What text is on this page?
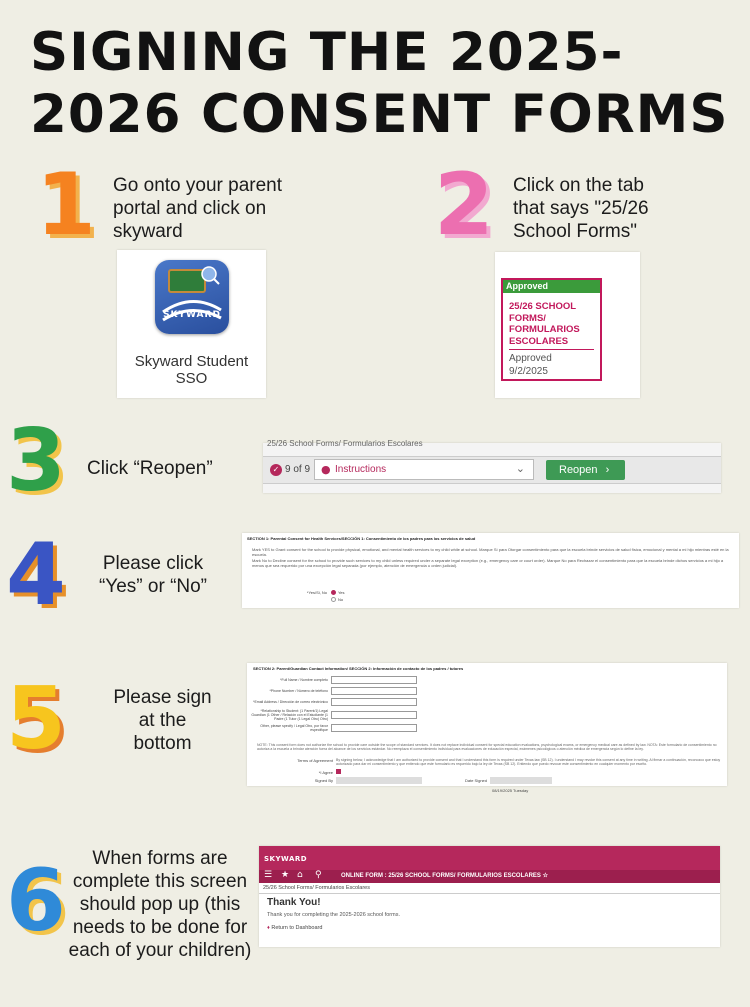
SIGNING THE 2025-2026 CONSENT FORMS
1 Go onto your parent portal and click on skyward
SKYWARD
Skyward Student SSO
2 Click on the tab that says "25/26 School Forms"
Approved
25/26 SCHOOL FORMS/ FORMULARIOS ESCOLARES
Approved
9/2/2025
3 Click “Reopen”
25/26 School Forms/ Formularios Escolares
✓ 9 of 9 ● Instructions	⌄	Reopen ›
4	Please click “Yes” or “No”
SECTION 1: Parental Consent for Health Services/SECCIÓN 1: Consentimiento de los padres para los servicios de salud
Mark YES to Grant consent for the school to provide physical, emotional, and mental health services to my child while at school. Marque Sí para Otorgar consentimiento para que la escuela brinde servicios de salud física, emocional y mental a mi hijo mientras esté en la escuela.
Mark No to Decline consent for the school to provide such services to my child unless required under a separate legal exception (e.g., emergency care or court order). Marque No para Rechazar el consentimiento para que la escuela brinde dichos servicios a mi hijo a menos que sea requerido por una excepción legal separada (por ejemplo, atención de emergencia u orden judicial).
*Yes/Si, No	Yes
No
5	Please sign at the bottom
SECTION 2: Parent/Guardian Contact Information/ SECCIÓN 2: Información de contacto de los padres / tutores
*Full Name / Nombre completo
*Phone Number / Número de teléfono
*Email Address / Dirección de correo electrónico
*Relationship to Student: (1 Parent/1) Legal Guardian (1 Other / Relación con el Estudiante (1 Padre (1 Tutor (1 Legal Otro) Otro)
Other, please specify / Legal Otro, por favor especifique
NOTE: This consent form does not authorize the school to provide care outside the scope of standard services. It does not replace individual consent for special education evaluations, psychological exams, or emergency medical care as defined by law. NOTA: Este formulario de consentimiento no autoriza a la escuela a brindar atención fuera del alcance de los servicios estándar. No reemplaza el consentimiento individual para evaluaciones de educación especial, exámenes psicológicos o atención médica de emergencia según lo define la ley.
Terms of Agreement By signing below, I acknowledge that I am authorized to provide consent and that I understand this form is required under Texas law (SB 12). I understand I may revoke this consent at any time in writing. Al firmar a continuación, reconozco que estoy autorizado para dar mi consentimiento y que entiendo que este formulario es requerido bajo la ley de Texas (SB 12). Entiendo que puedo revocar este consentimiento en cualquier momento por escrito.
*I Agree
Signed By	Date Signed
08/19/2025 Tuesday
6	When forms are complete this screen should pop up (this needs to be done for each of your children)
SKYWARD
☰ ★ ⌂ ⚲	ONLINE FORM : 25/26 SCHOOL FORMS/ FORMULARIOS ESCOLARES ☆
25/26 School Forms/ Formularios Escolares
Thank You!
Thank you for completing the 2025-2026 school forms.
♦ Return to Dashboard
